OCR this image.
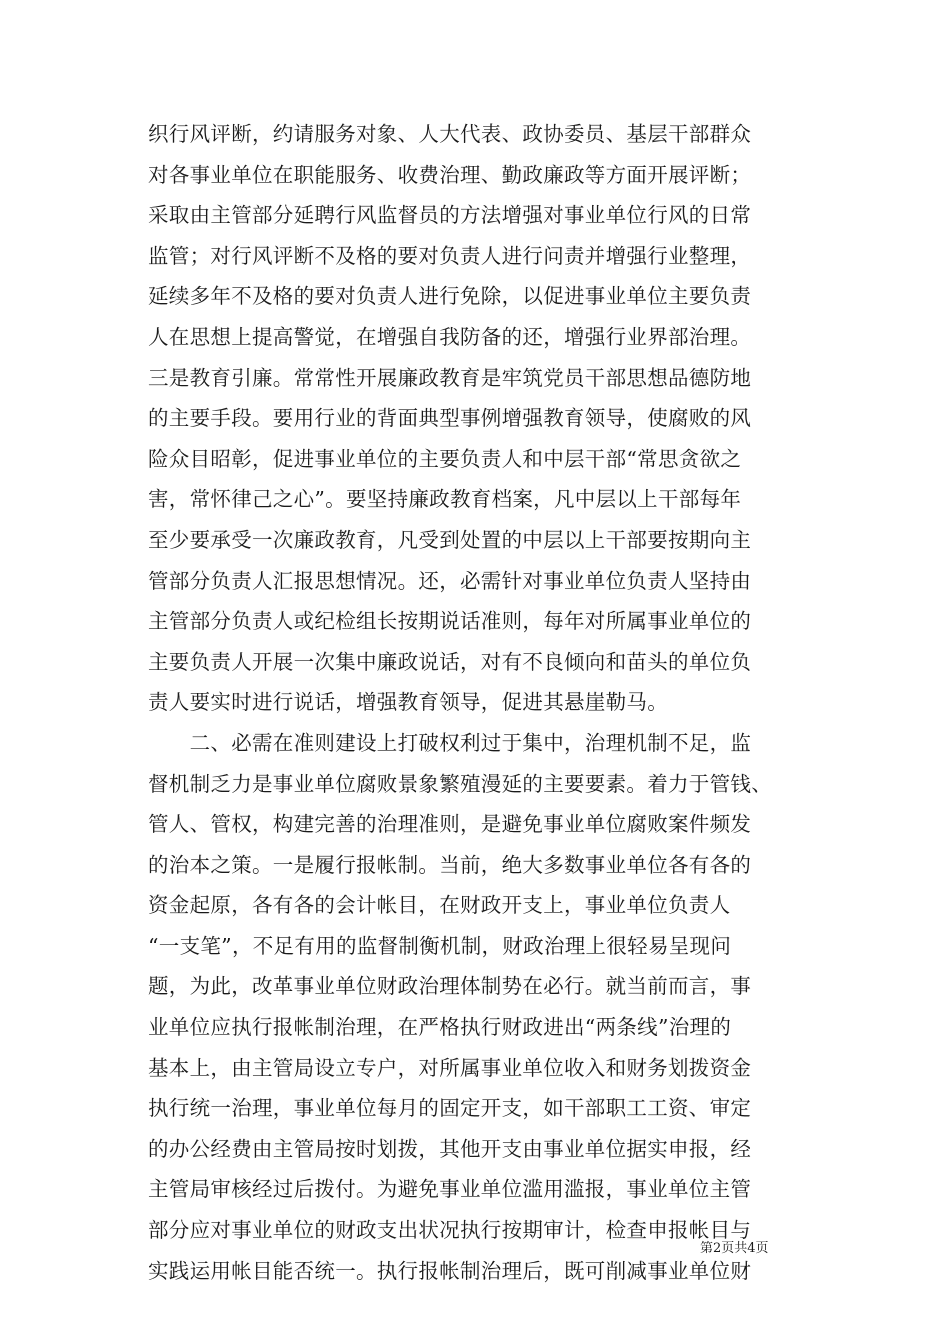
织行风评断，约请服务对象、人大代表、政协委员、基层干部群众
对各事业单位在职能服务、收费治理、勤政廉政等方面开展评断；
采取由主管部分延聘行风监督员的方法增强对事业单位行风的日常
监管；对行风评断不及格的要对负责人进行问责并增强行业整理，
延续多年不及格的要对负责人进行免除，以促进事业单位主要负责
人在思想上提高警觉，在增强自我防备的还，增强行业界部治理。
三是教育引廉。常常性开展廉政教育是牢筑党员干部思想品德防地
的主要手段。要用行业的背面典型事例增强教育领导，使腐败的风
险众目昭彰，促进事业单位的主要负责人和中层干部“常思贪欲之
害，常怀律己之心”。要坚持廉政教育档案，凡中层以上干部每年
至少要承受一次廉政教育，凡受到处置的中层以上干部要按期向主
管部分负责人汇报思想情况。还，必需针对事业单位负责人坚持由
主管部分负责人或纪检组长按期说话准则，每年对所属事业单位的
主要负责人开展一次集中廉政说话，对有不良倾向和苗头的单位负
责人要实时进行说话，增强教育领导，促进其悬崖勒马。
　　二、必需在准则建设上打破权利过于集中，治理机制不足，监
督机制乏力是事业单位腐败景象繁殖漫延的主要要素。着力于管钱、
管人、管权，构建完善的治理准则，是避免事业单位腐败案件频发
的治本之策。一是履行报帐制。当前，绝大多数事业单位各有各的
资金起原，各有各的会计帐目，在财政开支上，事业单位负责人
“一支笔”，不足有用的监督制衡机制，财政治理上很轻易呈现问
题，为此，改革事业单位财政治理体制势在必行。就当前而言，事
业单位应执行报帐制治理，在严格执行财政进出“两条线”治理的
基本上，由主管局设立专户，对所属事业单位收入和财务划拨资金
执行统一治理，事业单位每月的固定开支，如干部职工工资、审定
的办公经费由主管局按时划拨，其他开支由事业单位据实申报，经
主管局审核经过后拨付。为避免事业单位滥用滥报，事业单位主管
部分应对事业单位的财政支出状况执行按期审计，检查申报帐目与
实践运用帐目能否统一。执行报帐制治理后，既可削减事业单位财
第2页共4页
